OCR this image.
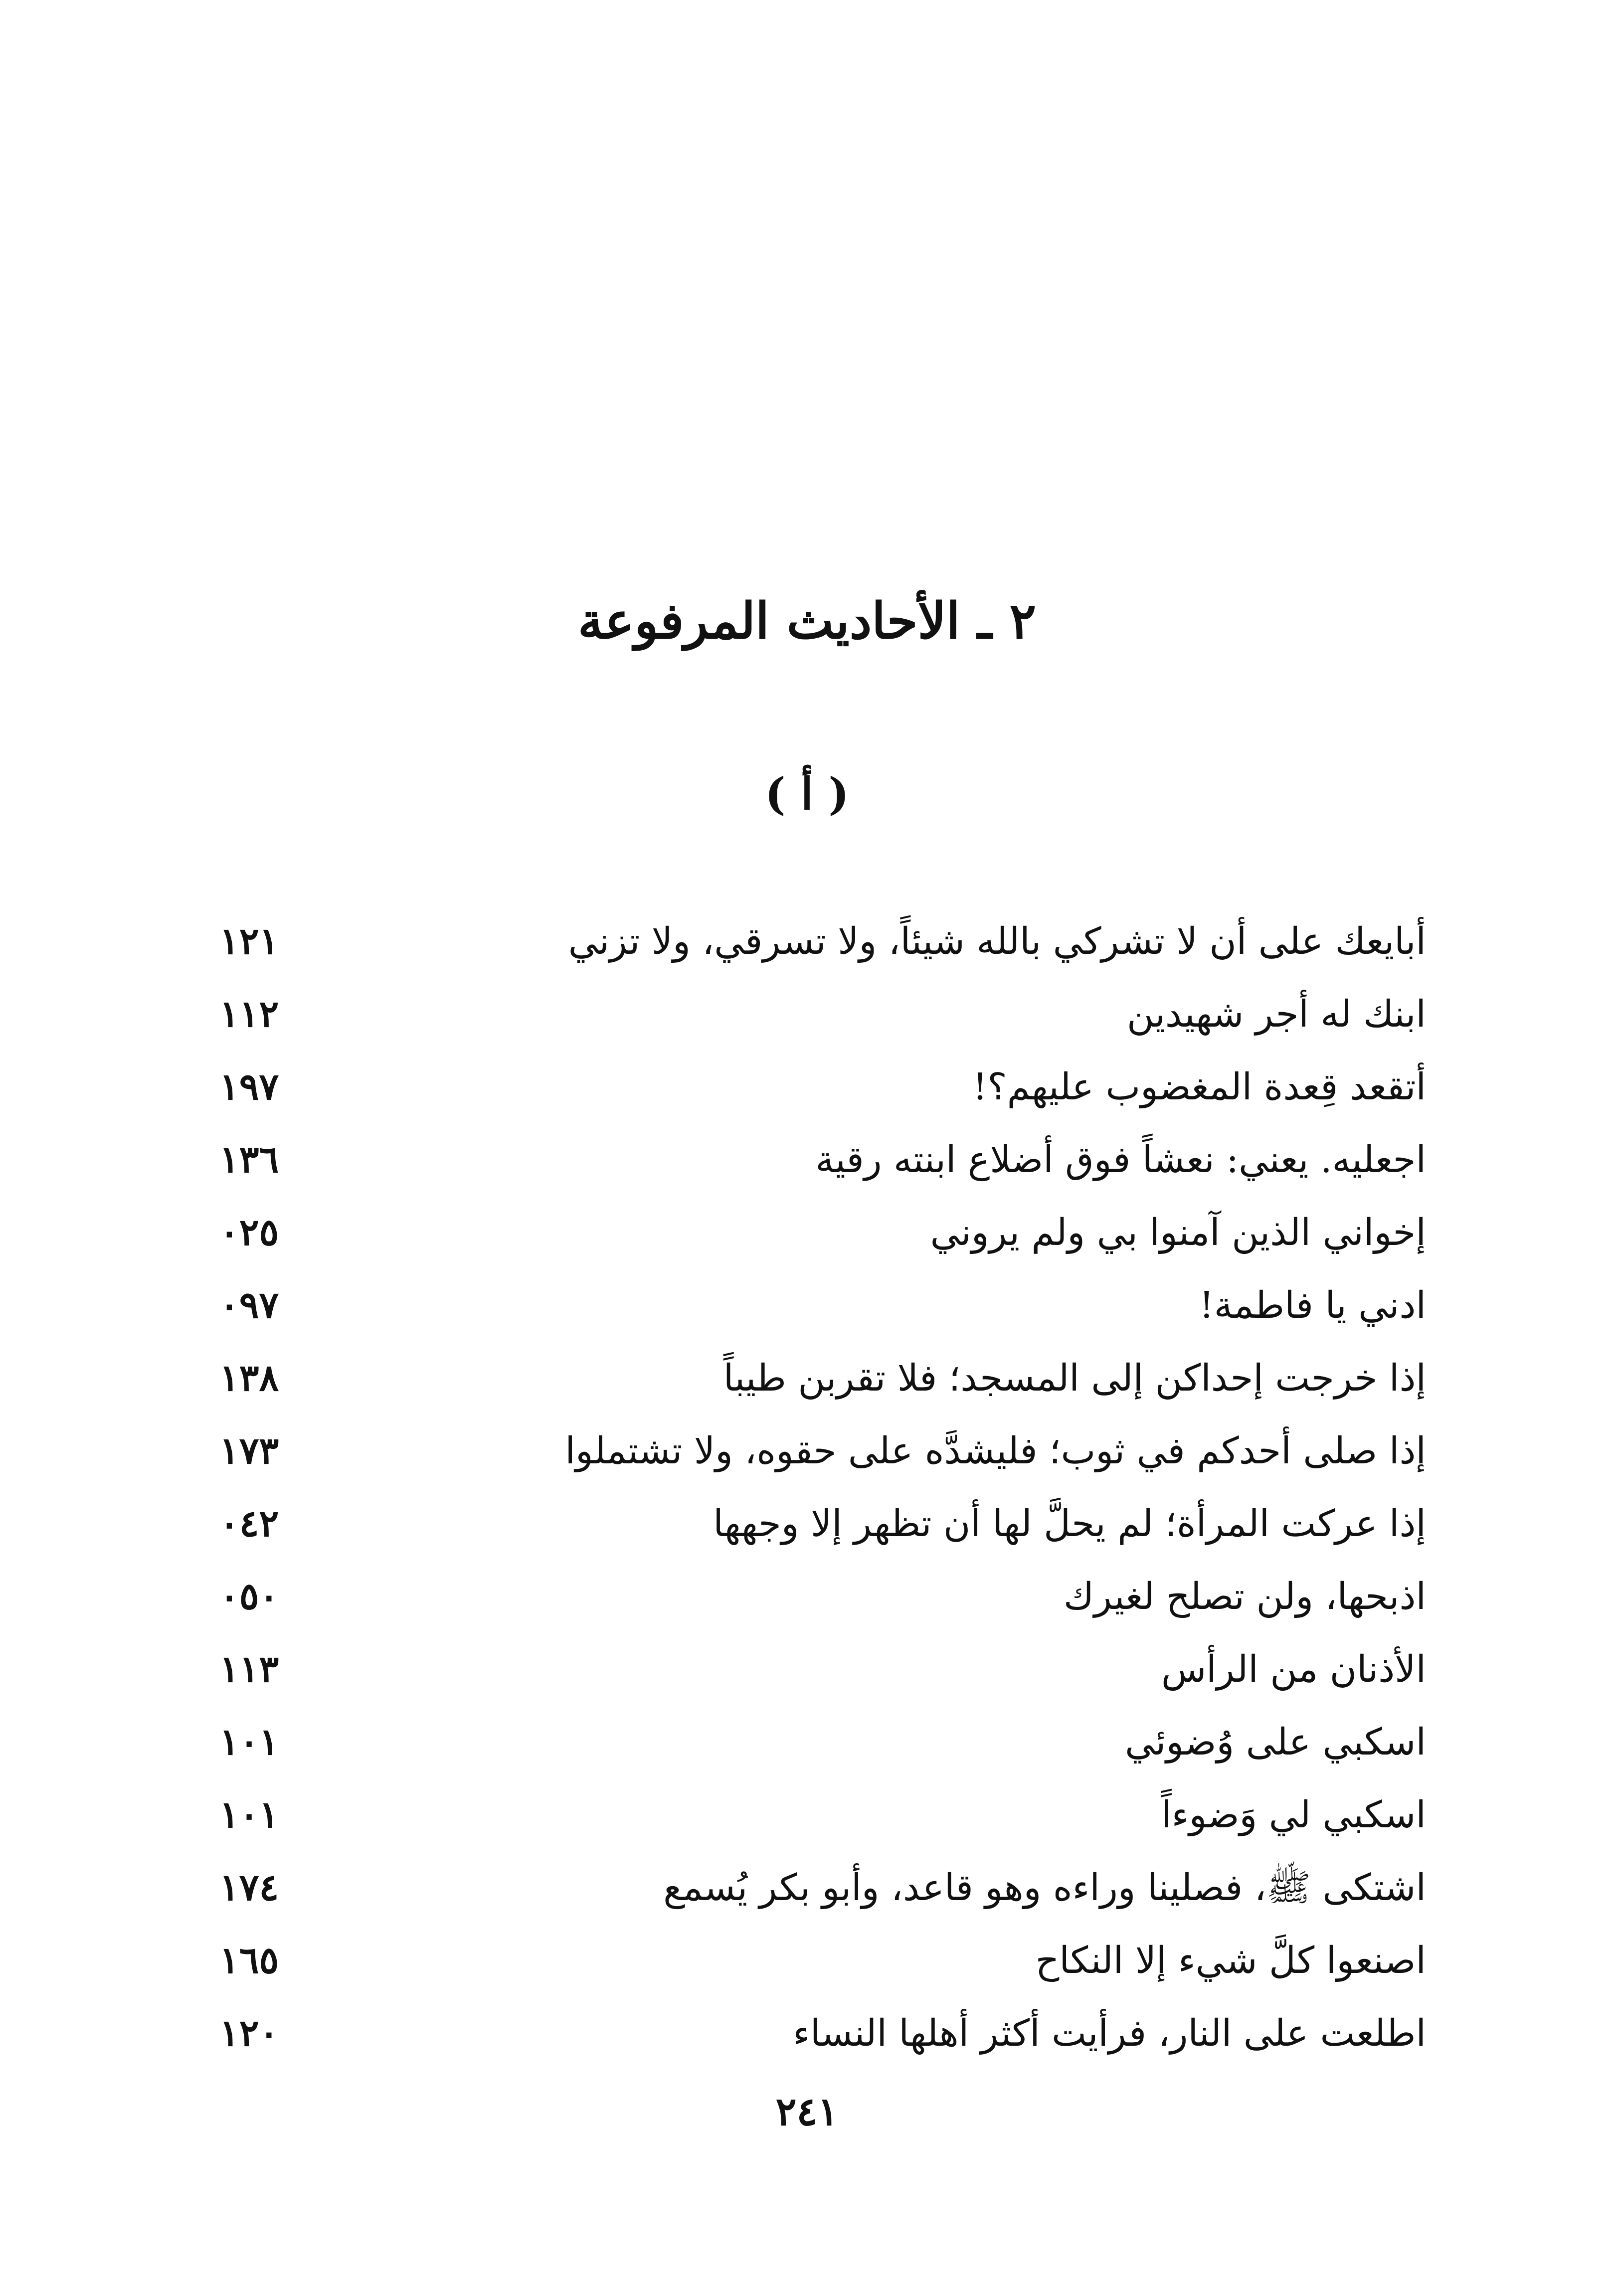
٢ ـ الأحاديث المرفوعة
( أ )
أبايعك على أن لا تشركي بالله شيئاً، ولا تسرقي، ولا تزني
١٢١
ابنك له أجر شهيدين
١١٢
أتقعد قِعدة المغضوب عليهم؟!
١٩٧
اجعليه. يعني: نعشاً فوق أضلاع ابنته رقية
١٣٦
إخواني الذين آمنوا بي ولم يروني
٠٢٥
ادني يا فاطمة!
٠٩٧
إذا خرجت إحداكن إلى المسجد؛ فلا تقربن طيباً
١٣٨
إذا صلى أحدكم في ثوب؛ فليشدَّه على حقوه، ولا تشتملوا
١٧٣
إذا عركت المرأة؛ لم يحلَّ لها أن تظهر إلا وجهها
٠٤٢
اذبحها، ولن تصلح لغيرك
٠٥٠
الأذنان من الرأس
١١٣
اسكبي على وُضوئي
١٠١
اسكبي لي وَضوءاً
١٠١
اشتكى ﷺ، فصلينا وراءه وهو قاعد، وأبو بكر يُسمع
١٧٤
اصنعوا كلَّ شيء إلا النكاح
١٦٥
اطلعت على النار، فرأيت أكثر أهلها النساء
١٢٠
٢٤١
